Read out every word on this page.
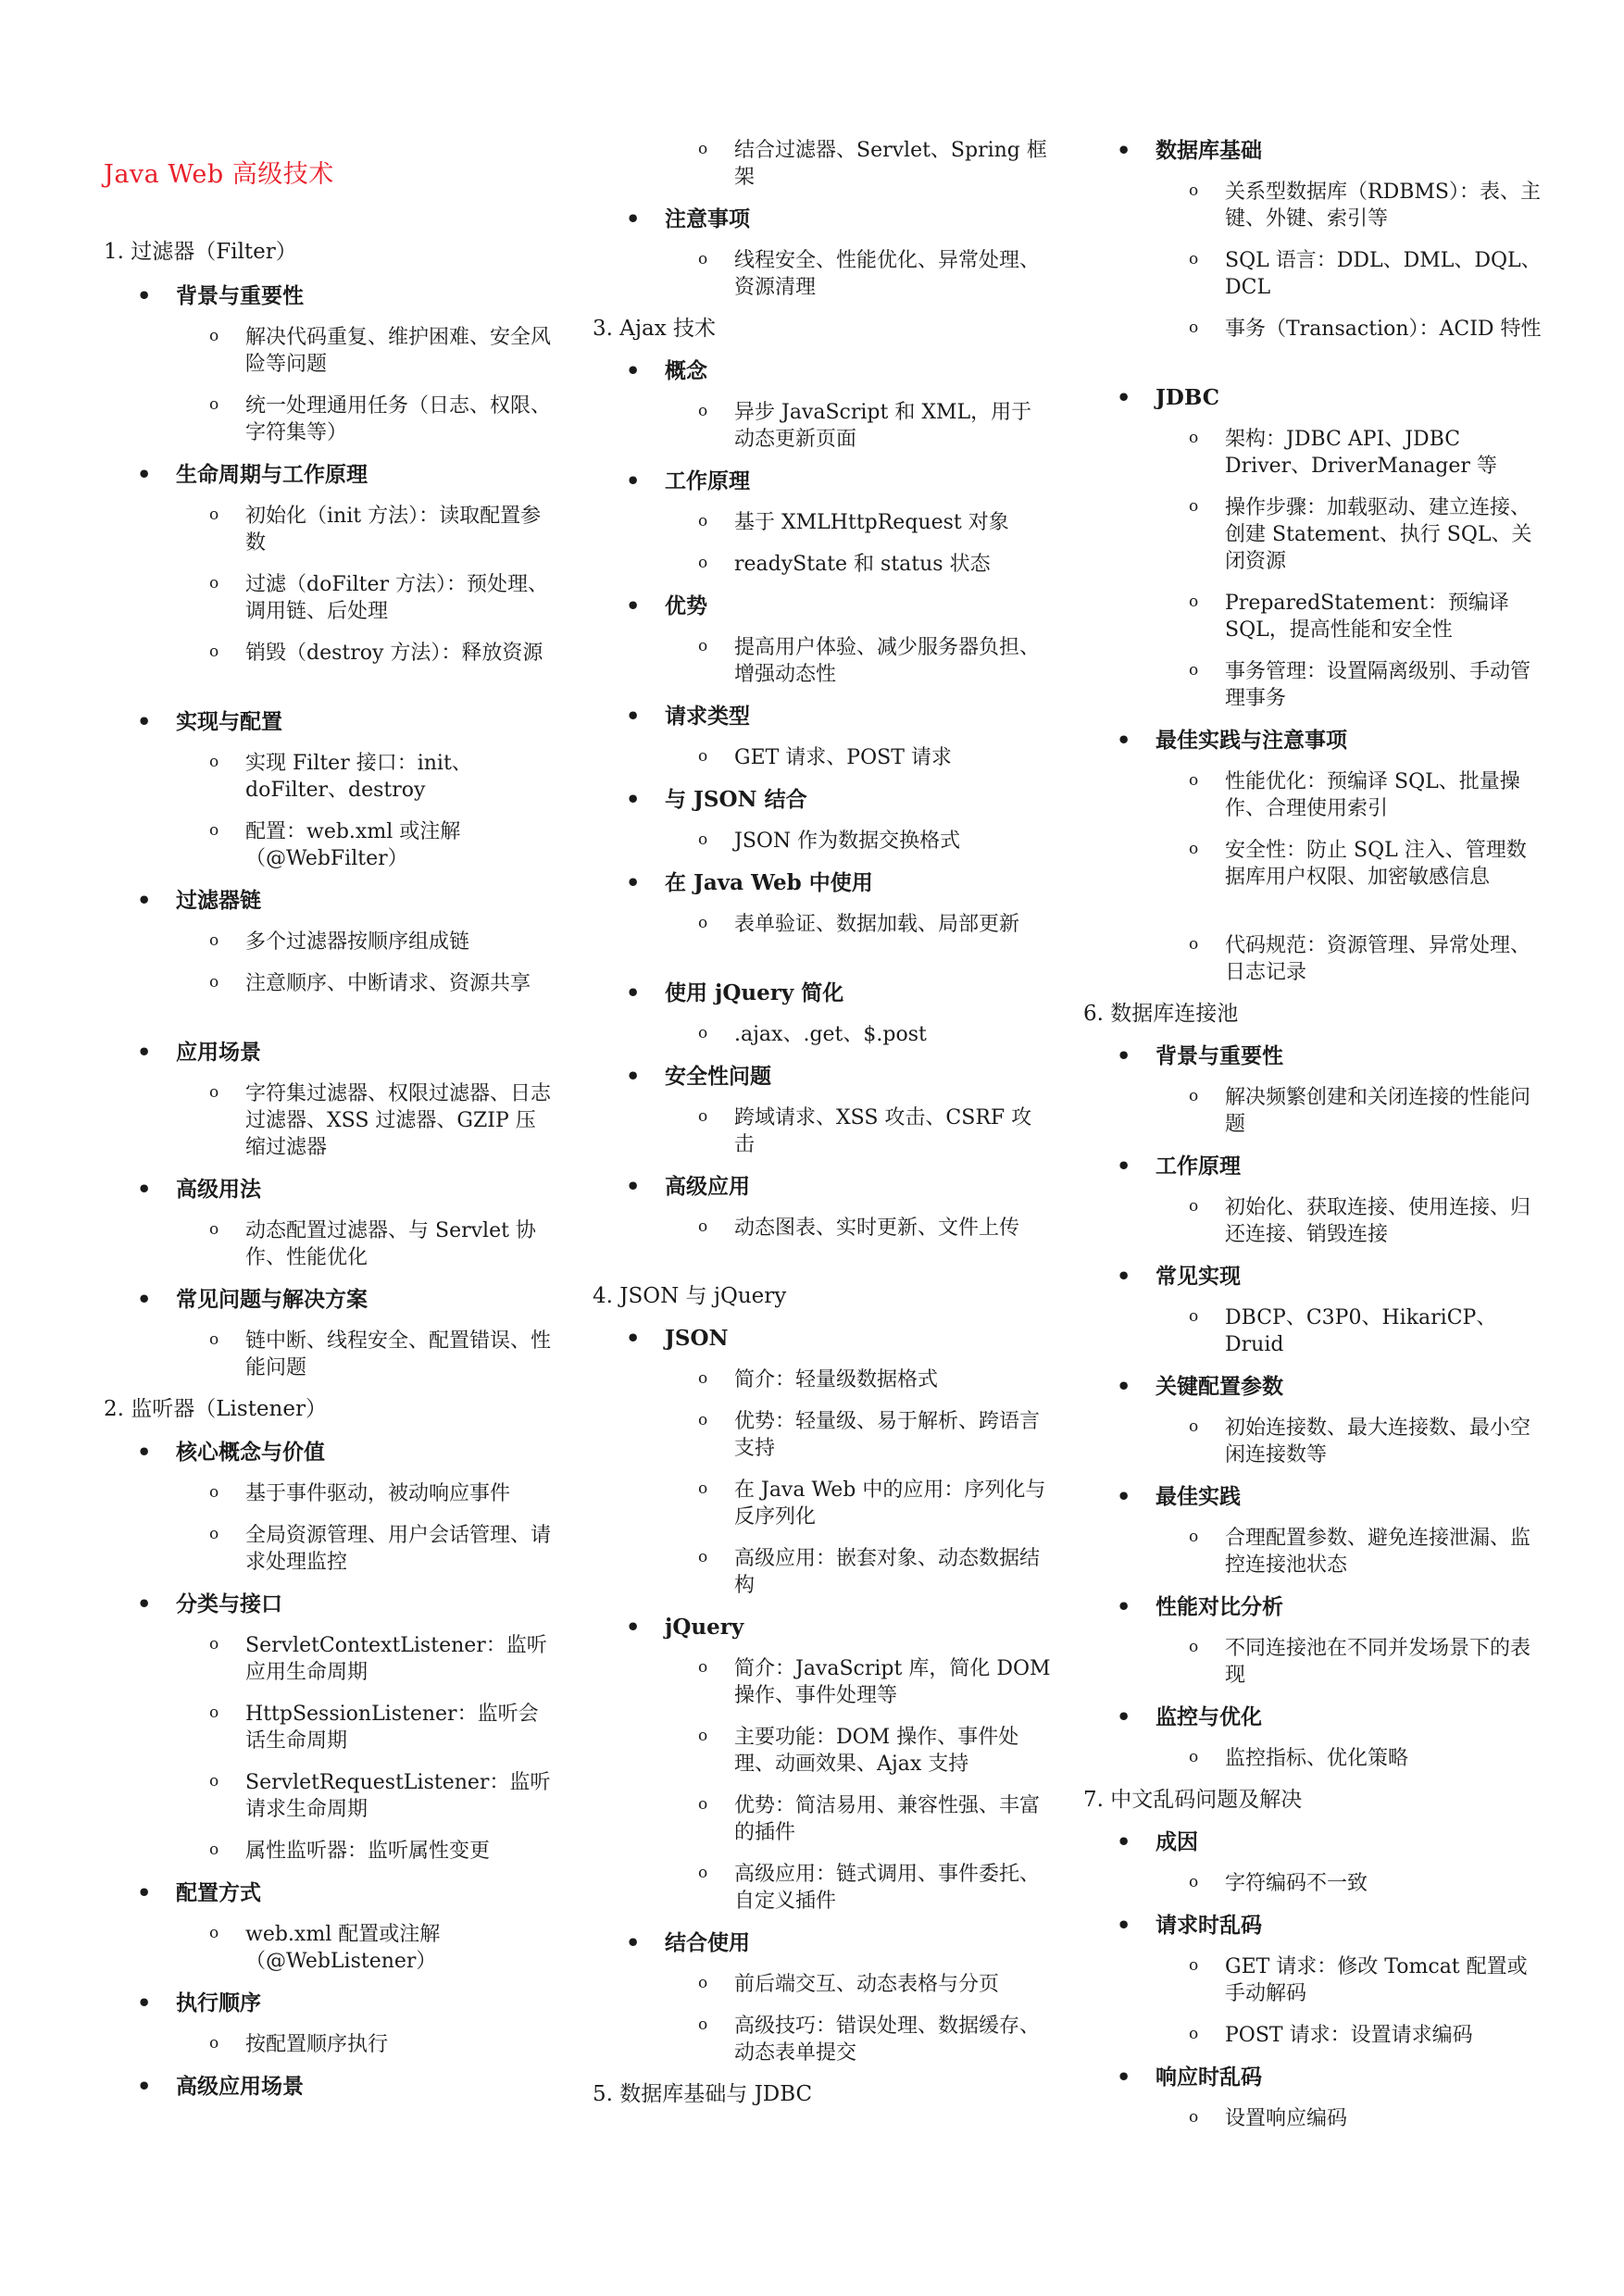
Java Web 高级技术
1. 过滤器（Filter）
• 背景与重要性
o 解决代码重复、维护困难、安全风险等问题
o 统一处理通用任务（日志、权限、字符集等）
• 生命周期与工作原理
o 初始化（init 方法）：读取配置参数
o 过滤（doFilter 方法）：预处理、调用链、后处理
o 销毁（destroy 方法）：释放资源
• 实现与配置
o 实现 Filter 接口：init、doFilter、destroy
o 配置：web.xml 或注解（@WebFilter）
• 过滤器链
o 多个过滤器按顺序组成链
o 注意顺序、中断请求、资源共享
• 应用场景
o 字符集过滤器、权限过滤器、日志过滤器、XSS 过滤器、GZIP 压缩过滤器
• 高级用法
o 动态配置过滤器、与 Servlet 协作、性能优化
• 常见问题与解决方案
o 链中断、线程安全、配置错误、性能问题
2. 监听器（Listener）
• 核心概念与价值
o 基于事件驱动，被动响应事件
o 全局资源管理、用户会话管理、请求处理监控
• 分类与接口
o ServletContextListener：监听应用生命周期
o HttpSessionListener：监听会话生命周期
o ServletRequestListener：监听请求生命周期
o 属性监听器：监听属性变更
• 配置方式
o web.xml 配置或注解（@WebListener）
• 执行顺序
o 按配置顺序执行
• 高级应用场景
o 结合过滤器、Servlet、Spring 框架
• 注意事项
o 线程安全、性能优化、异常处理、资源清理
3. Ajax 技术
• 概念
o 异步 JavaScript 和 XML，用于动态更新页面
• 工作原理
o 基于 XMLHttpRequest 对象
o readyState 和 status 状态
• 优势
o 提高用户体验、减少服务器负担、增强动态性
• 请求类型
o GET 请求、POST 请求
• 与 JSON 结合
o JSON 作为数据交换格式
• 在 Java Web 中使用
o 表单验证、数据加载、局部更新
• 使用 jQuery 简化
o .ajax、.get、$.post
• 安全性问题
o 跨域请求、XSS 攻击、CSRF 攻击
• 高级应用
o 动态图表、实时更新、文件上传
4. JSON 与 jQuery
• JSON
o 简介：轻量级数据格式
o 优势：轻量级、易于解析、跨语言支持
o 在 Java Web 中的应用：序列化与反序列化
o 高级应用：嵌套对象、动态数据结构
• jQuery
o 简介：JavaScript 库，简化 DOM 操作、事件处理等
o 主要功能：DOM 操作、事件处理、动画效果、Ajax 支持
o 优势：简洁易用、兼容性强、丰富的插件
o 高级应用：链式调用、事件委托、自定义插件
• 结合使用
o 前后端交互、动态表格与分页
o 高级技巧：错误处理、数据缓存、动态表单提交
5. 数据库基础与 JDBC
• 数据库基础
o 关系型数据库（RDBMS）：表、主键、外键、索引等
o SQL 语言：DDL、DML、DQL、DCL
o 事务（Transaction）：ACID 特性
• JDBC
o 架构：JDBC API、JDBC Driver、DriverManager 等
o 操作步骤：加载驱动、建立连接、创建 Statement、执行 SQL、关闭资源
o PreparedStatement：预编译 SQL，提高性能和安全性
o 事务管理：设置隔离级别、手动管理事务
• 最佳实践与注意事项
o 性能优化：预编译 SQL、批量操作、合理使用索引
o 安全性：防止 SQL 注入、管理数据库用户权限、加密敏感信息
o 代码规范：资源管理、异常处理、日志记录
6. 数据库连接池
• 背景与重要性
o 解决频繁创建和关闭连接的性能问题
• 工作原理
o 初始化、获取连接、使用连接、归还连接、销毁连接
• 常见实现
o DBCP、C3P0、HikariCP、Druid
• 关键配置参数
o 初始连接数、最大连接数、最小空闲连接数等
• 最佳实践
o 合理配置参数、避免连接泄漏、监控连接池状态
• 性能对比分析
o 不同连接池在不同并发场景下的表现
• 监控与优化
o 监控指标、优化策略
7. 中文乱码问题及解决
• 成因
o 字符编码不一致
• 请求时乱码
o GET 请求：修改 Tomcat 配置或手动解码
o POST 请求：设置请求编码
• 响应时乱码
o 设置响应编码
